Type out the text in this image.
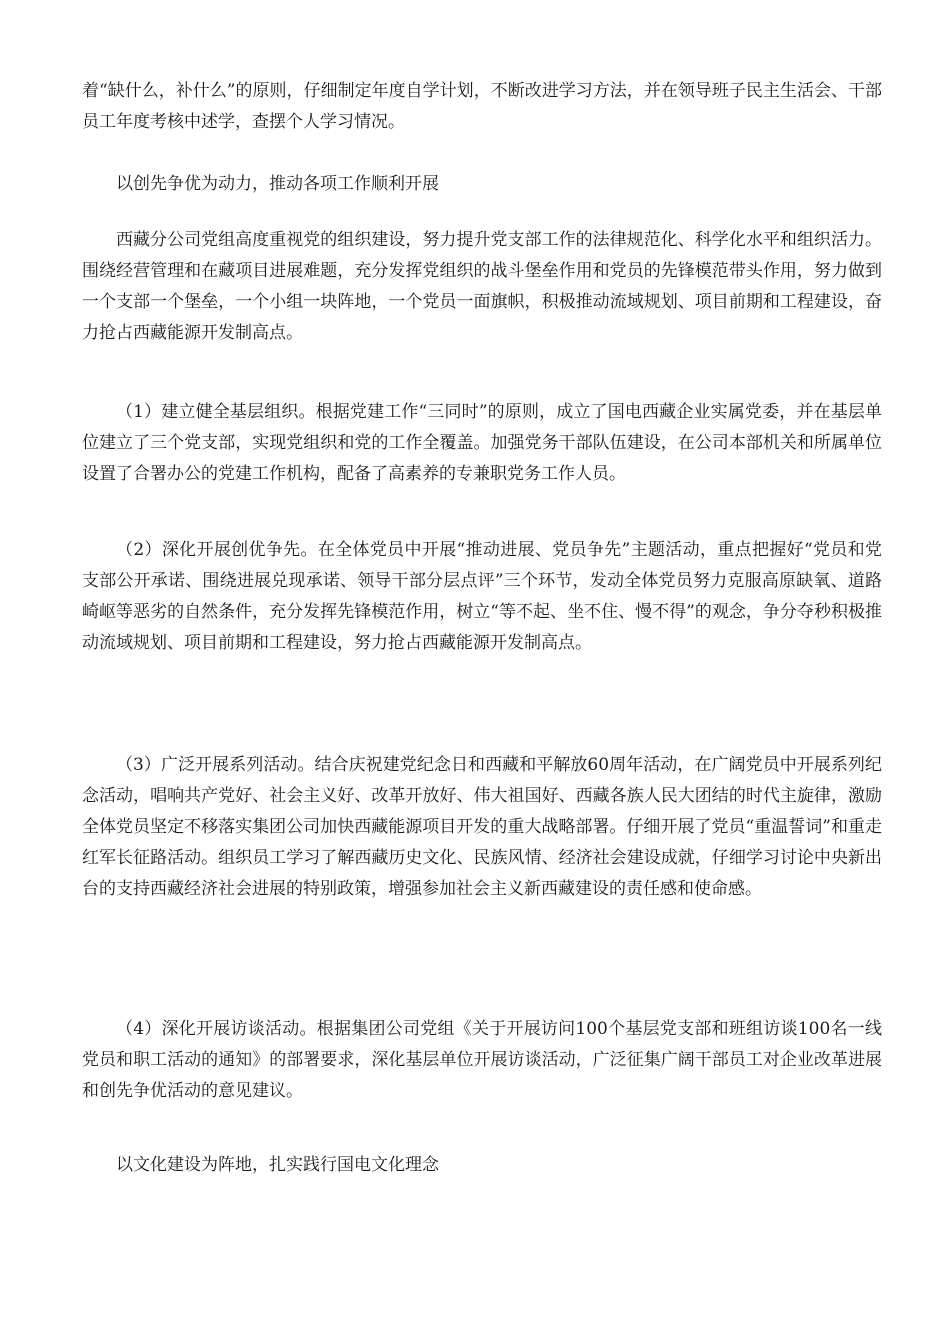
着“缺什么，补什么”的原则，仔细制定年度自学计划，不断改进学习方法，并在领导班子民主生活会、干部员工年度考核中述学，查摆个人学习情况。

以创先争优为动力，推动各项工作顺利开展

西藏分公司党组高度重视党的组织建设，努力提升党支部工作的法律规范化、科学化水平和组织活力。围绕经营管理和在藏项目进展难题，充分发挥党组织的战斗堡垒作用和党员的先锋模范带头作用，努力做到一个支部一个堡垒，一个小组一块阵地，一个党员一面旗帜，积极推动流域规划、项目前期和工程建设，奋力抢占西藏能源开发制高点。

（1）建立健全基层组织。根据党建工作“三同时”的原则，成立了国电西藏企业实属党委，并在基层单位建立了三个党支部，实现党组织和党的工作全覆盖。加强党务干部队伍建设，在公司本部机关和所属单位设置了合署办公的党建工作机构，配备了高素养的专兼职党务工作人员。

（2）深化开展创优争先。在全体党员中开展“推动进展、党员争先”主题活动，重点把握好“党员和党支部公开承诺、围绕进展兑现承诺、领导干部分层点评”三个环节，发动全体党员努力克服高原缺氧、道路崎岖等恶劣的自然条件，充分发挥先锋模范作用，树立“等不起、坐不住、慢不得”的观念，争分夺秒积极推动流域规划、项目前期和工程建设，努力抢占西藏能源开发制高点。

（3）广泛开展系列活动。结合庆祝建党纪念日和西藏和平解放60周年活动，在广阔党员中开展系列纪念活动，唱响共产党好、社会主义好、改革开放好、伟大祖国好、西藏各族人民大团结的时代主旋律，激励全体党员坚定不移落实集团公司加快西藏能源项目开发的重大战略部署。仔细开展了党员“重温誓词”和重走红军长征路活动。组织员工学习了解西藏历史文化、民族风情、经济社会建设成就，仔细学习讨论中央新出台的支持西藏经济社会进展的特别政策，增强参加社会主义新西藏建设的责任感和使命感。

（4）深化开展访谈活动。根据集团公司党组《关于开展访问100个基层党支部和班组访谈100名一线党员和职工活动的通知》的部署要求，深化基层单位开展访谈活动，广泛征集广阔干部员工对企业改革进展和创先争优活动的意见建议。

以文化建设为阵地，扎实践行国电文化理念
